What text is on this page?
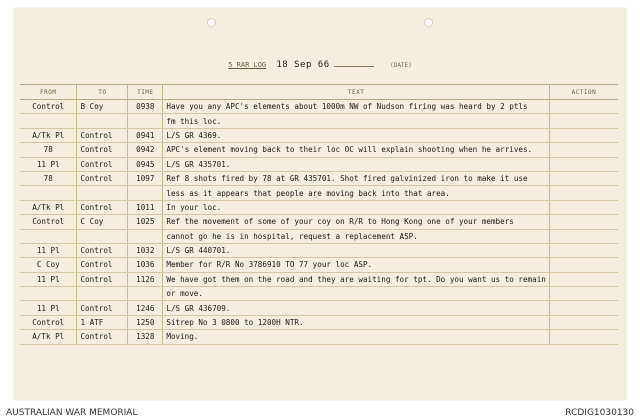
5 RAR LOG 18 Sep 66	(DATE)
FROM	TO	TIME	TEXT	ACTION
Control	B Coy	0938	Have you any APC's elements about 1000m NW of Nudson firing was heard by 2 ptls	
			fm this loc.	
A/Tk Pl	Control	0941	L/S GR 4369.	
78	Control	0942	APC's element moving back to their loc OC will explain shooting when he arrives.	
11 Pl	Control	0945	L/S GR 435701.	
78	Control	1097	Ref 8 shots fired by 78 at GR 435701. Shot fired galvinized iron to make it use	
			less as it appears that people are moving back into that area.	
A/Tk Pl	Control	1011	In your loc.	
Control	C Coy	1025	Ref the movement of some of your coy on R/R to Hong Kong one of your members	
			cannot go he is in hospital, request a replacement ASP.	
11 Pl	Control	1032	L/S GR 440701.	
C Coy	Control	1036	Member for R/R No 3786910 TO 77 your loc ASP.	
11 Pl	Control	1126	We have got them on the road and they are waiting for tpt. Do you want us to remain	
			or move.	
11 Pl	Control	1246	L/S GR 436709.	
Control	1 ATF	1250	Sitrep No 3 0800 to 1200H NTR.	
A/Tk Pl	Control	1328	Moving.	
AUSTRALIAN WAR MEMORIAL	RCDIG1030130
